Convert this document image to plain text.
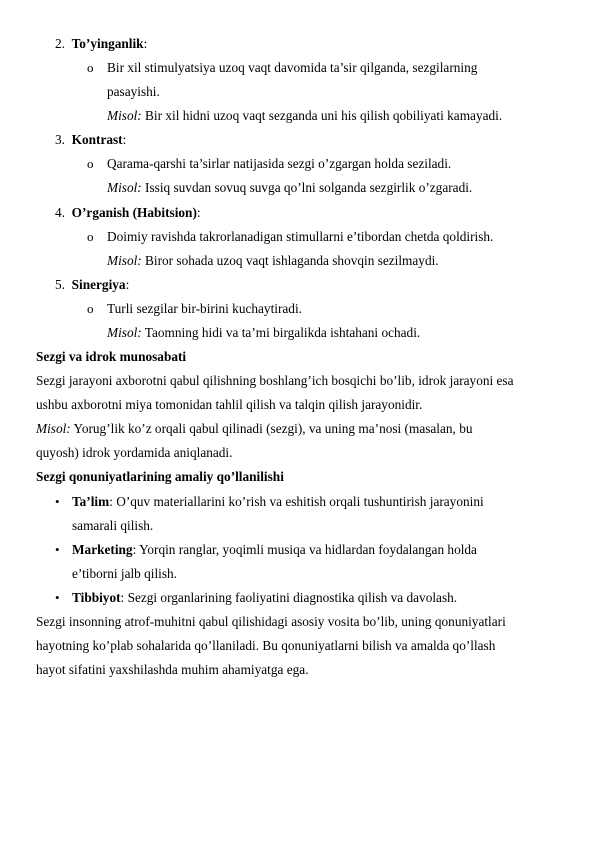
2. To’yinganlik:
o Bir xil stimulyatsiya uzoq vaqt davomida ta’sir qilganda, sezgilarning
pasayishi.
Misol: Bir xil hidni uzoq vaqt sezganda uni his qilish qobiliyati kamayadi.
3. Kontrast:
o Qarama-qarshi ta’sirlar natijasida sezgi o’zgargan holda seziladi.
Misol: Issiq suvdan sovuq suvga qo’lni solganda sezgirlik o’zgaradi.
4. O’rganish (Habitsion):
o Doimiy ravishda takrorlanadigan stimullarni e’tibordan chetda qoldirish.
Misol: Biror sohada uzoq vaqt ishlaganda shovqin sezilmaydi.
5. Sinergiya:
o Turli sezgilar bir-birini kuchaytiradi.
Misol: Taomning hidi va ta’mi birgalikda ishtahani ochadi.
Sezgi va idrok munosabati
Sezgi jarayoni axborotni qabul qilishning boshlang’ich bosqichi bo’lib, idrok jarayoni esa
ushbu axborotni miya tomonidan tahlil qilish va talqin qilish jarayonidir.
Misol: Yorug’lik ko’z orqali qabul qilinadi (sezgi), va uning ma’nosi (masalan, bu
quyosh) idrok yordamida aniqlanadi.
Sezgi qonuniyatlarining amaliy qo’llanilishi
• Ta’lim: O’quv materiallarini ko’rish va eshitish orqali tushuntirish jarayonini
samarali qilish.
• Marketing: Yorqin ranglar, yoqimli musiqa va hidlardan foydalangan holda
e’tiborni jalb qilish.
• Tibbiyot: Sezgi organlarining faoliyatini diagnostika qilish va davolash.
Sezgi insonning atrof-muhitni qabul qilishidagi asosiy vosita bo’lib, uning qonuniyatlari
hayotning ko’plab sohalarida qo’llaniladi. Bu qonuniyatlarni bilish va amalda qo’llash
hayot sifatini yaxshilashda muhim ahamiyatga ega.
